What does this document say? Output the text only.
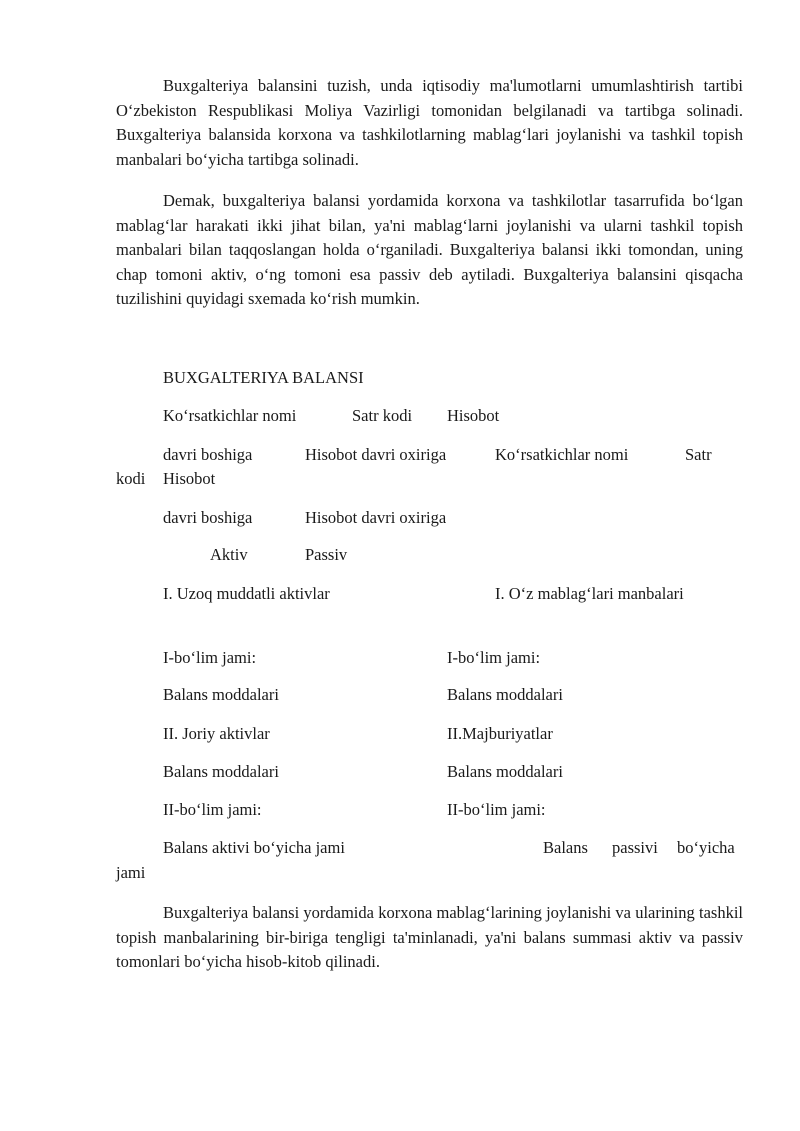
Buxgalteriya balansini tuzish, unda iqtisodiy ma'lumotlarni umumlashtirish tartibi O‘zbekiston Respublikasi Moliya Vazirligi tomonidan belgilanadi va tartibga solinadi. Buxgalteriya balansida korxona va tashkilotlarning mablag‘lari joylanishi va tashkil topish manbalari bo‘yicha tartibga solinadi.

Demak, buxgalteriya balansi yordamida korxona va tashkilotlar tasarrufida bo‘lgan mablag‘lar harakati ikki jihat bilan, ya'ni mablag‘larni joylanishi va ularni tashkil topish manbalari bilan taqqoslangan holda o‘rganiladi. Buxgalteriya balansi ikki tomondan, uning chap tomoni aktiv, o‘ng tomoni esa passiv deb aytiladi. Buxgalteriya balansini qisqacha tuzilishini quyidagi sxemada ko‘rish mumkin.

BUXGALTERIYA BALANSI
Ko‘rsatkichlar nomi	Satr kodi Hisobot
davri boshiga	Hisobot davri oxiriga	Ko‘rsatkichlar nomi	Satr
kodi Hisobot
davri boshiga	Hisobot davri oxiriga
Aktiv	Passiv
I. Uzoq muddatli aktivlar	I. O‘z mablag‘lari manbalari
I-bo‘lim jami:	I-bo‘lim jami:
Balans moddalari	Balans moddalari
II. Joriy aktivlar	II.Majburiyatlar
Balans moddalari	Balans moddalari
II-bo‘lim jami:	II-bo‘lim jami:
Balans aktivi bo‘yicha jami	Balans passivi bo‘yicha
jami

Buxgalteriya balansi yordamida korxona mablag‘larining joylanishi va ularining tashkil topish manbalarining bir-biriga tengligi ta'minlanadi, ya'ni balans summasi aktiv va passiv tomonlari bo‘yicha hisob-kitob qilinadi.
